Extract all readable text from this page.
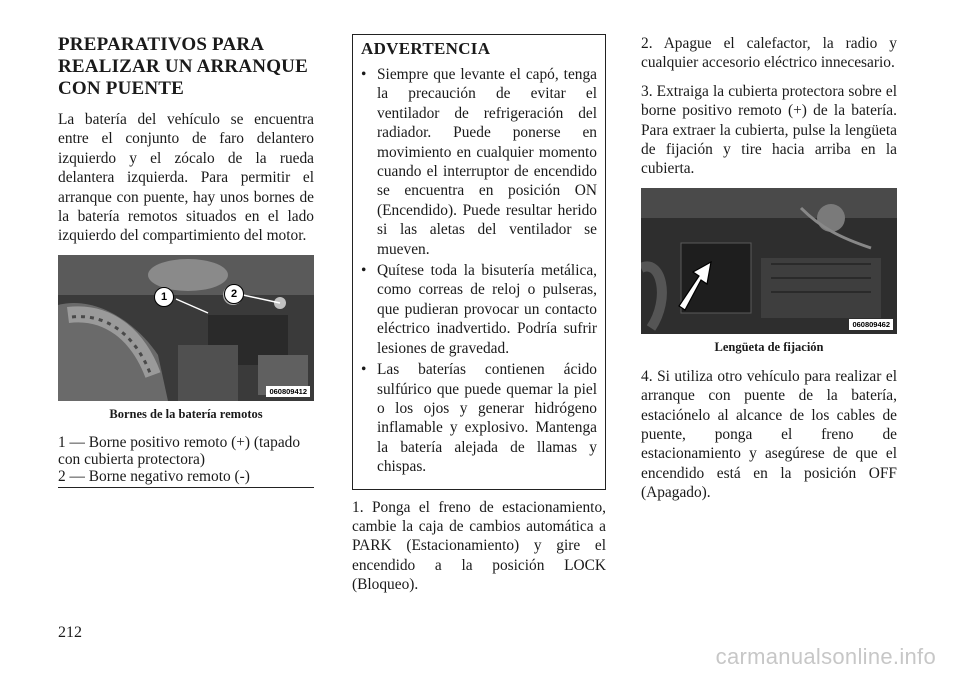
PREPARATIVOS PARA
REALIZAR UN ARRANQUE
CON PUENTE

La batería del vehículo se encuentra entre el conjunto de faro delantero izquierdo y el zócalo de la rueda delantera izquierda. Para permitir el arranque con puente, hay unos bornes de la batería remotos situados en el lado izquierdo del compartimiento del motor.

1	2
060809412
Bornes de la batería remotos
1 — Borne positivo remoto (+) (tapado con cubierta protectora)
2 — Borne negativo remoto (-)
ADVERTENCIA
• Siempre que levante el capó, tenga la precaución de evitar el ventilador de refrigeración del radiador. Puede ponerse en movimiento en cualquier momento cuando el interruptor de encendido se encuentra en posición ON (Encendido). Puede resultar herido si las aletas del ventilador se mueven.
• Quítese toda la bisutería metálica, como correas de reloj o pulseras, que pudieran provocar un contacto eléctrico inadvertido. Podría sufrir lesiones de gravedad.
• Las baterías contienen ácido sulfúrico que puede quemar la piel o los ojos y generar hidrógeno inflamable y explosivo. Mantenga la batería alejada de llamas y chispas.

1. Ponga el freno de estacionamiento, cambie la caja de cambios automática a PARK (Estacionamiento) y gire el encendido a la posición LOCK (Bloqueo).

2. Apague el calefactor, la radio y cualquier accesorio eléctrico innecesario.

3. Extraiga la cubierta protectora sobre el borne positivo remoto (+) de la batería. Para extraer la cubierta, pulse la lengüeta de fijación y tire hacia arriba en la cubierta.

060809462
Lengüeta de fijación

4. Si utiliza otro vehículo para realizar el arranque con puente de la batería, estaciónelo al alcance de los cables de puente, ponga el freno de estacionamiento y asegúrese de que el encendido está en la posición OFF (Apagado).

212
carmanualsonline.info
